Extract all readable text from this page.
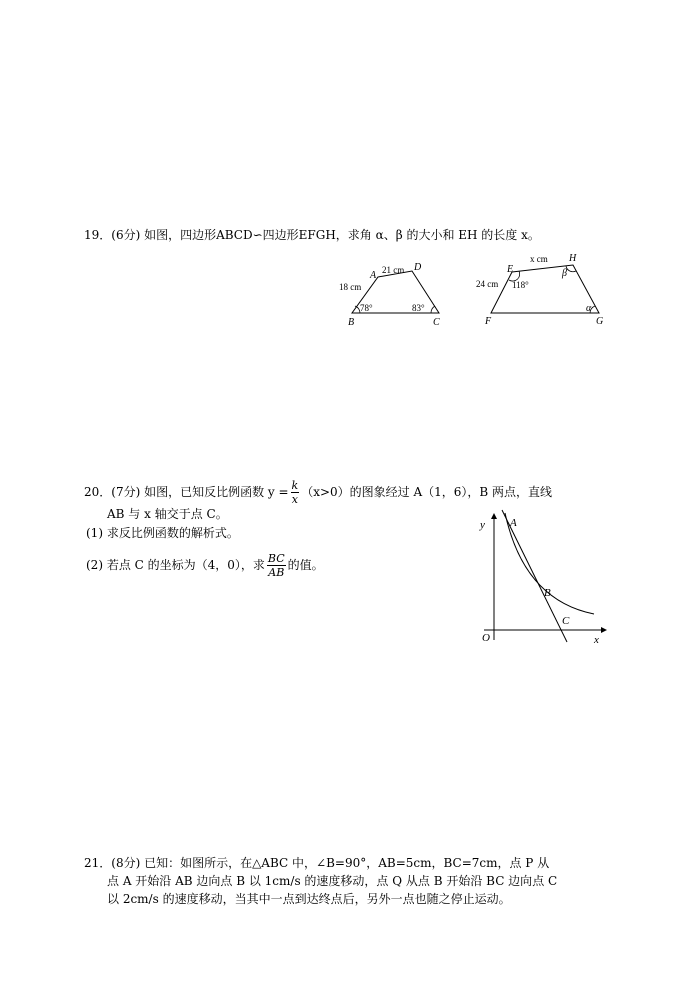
19．(6分) 如图，四边形ABCD∽四边形EFGH，求角 α、β 的大小和 EH 的长度 x。
A
D
B	C
21 cm
18 cm
78°	83°
E
H
F	G
x cm
24 cm 118°
β
α
20．(7分) 如图，已知反比例函数 $y = \frac{k}{x} (x>0)$的图象经过 A（1，6），B 两点，直线
AB 与 x 轴交于点 C。
(1) 求反比例函数的解析式。
(2) 若点 C 的坐标为（4，0），求 $\frac{BC}{AB}$ 的值。
y
x
O
A
B
C
21．(8分) 已知：如图所示，在△ABC 中，∠B=90°，AB=5cm，BC=7cm，点 P 从
点 A 开始沿 AB 边向点 B 以 1cm/s 的速度移动，点 Q 从点 B 开始沿 BC 边向点 C
以 2cm/s 的速度移动，当其中一点到达终点后，另外一点也随之停止运动。
